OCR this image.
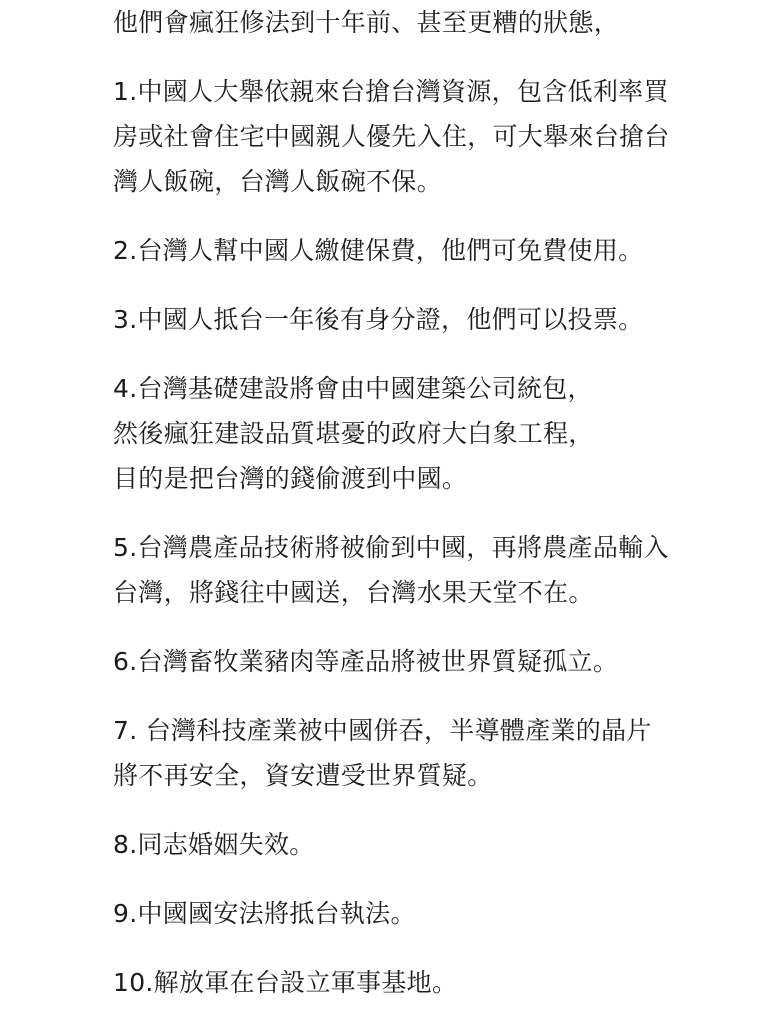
他們會瘋狂修法到十年前、甚至更糟的狀態，

1.中國人大舉依親來台搶台灣資源，包含低利率買
房或社會住宅中國親人優先入住，可大舉來台搶台
灣人飯碗，台灣人飯碗不保。

2.台灣人幫中國人繳健保費，他們可免費使用。

3.中國人抵台一年後有身分證，他們可以投票。

4.台灣基礎建設將會由中國建築公司統包，
然後瘋狂建設品質堪憂的政府大白象工程，
目的是把台灣的錢偷渡到中國。

5.台灣農產品技術將被偷到中國，再將農產品輸入
台灣，將錢往中國送，台灣水果天堂不在。

6.台灣畜牧業豬肉等產品將被世界質疑孤立。

7. 台灣科技產業被中國併吞，半導體產業的晶片
將不再安全，資安遭受世界質疑。

8.同志婚姻失效。

9.中國國安法將抵台執法。

10.解放軍在台設立軍事基地。
